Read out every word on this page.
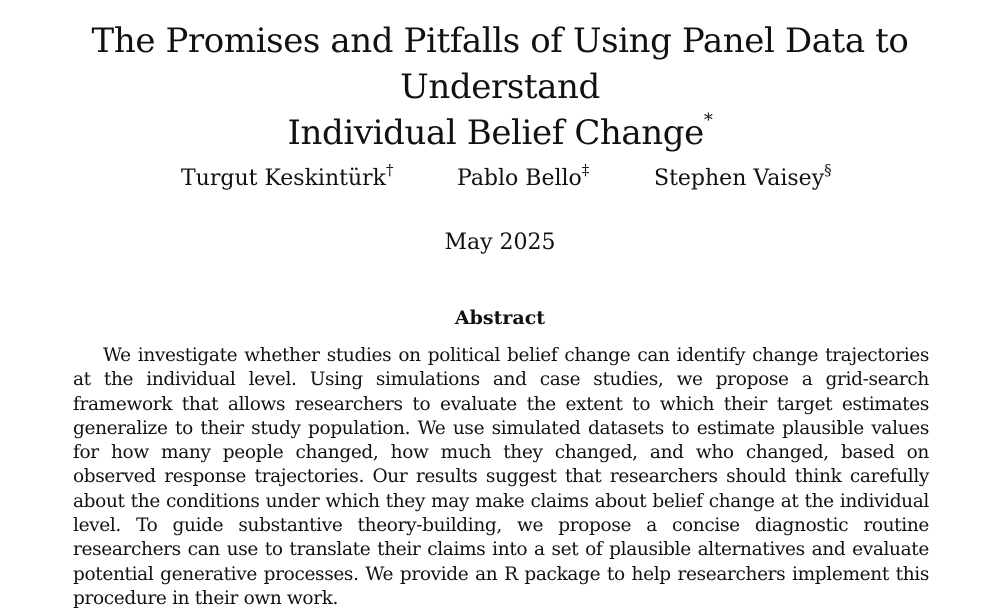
The Promises and Pitfalls of Using Panel Data to Understand
Individual Belief Change*
Turgut Keskintürk†	Pablo Bello‡	Stephen Vaisey§
May 2025
Abstract

We investigate whether studies on political belief change can identify change trajectories at the individual level. Using simulations and case studies, we propose a grid-search framework that allows researchers to evaluate the extent to which their target estimates generalize to their study population. We use simulated datasets to estimate plausible values for how many people changed, how much they changed, and who changed, based on observed response trajectories. Our results suggest that researchers should think carefully about the conditions under which they may make claims about belief change at the individual level. To guide substantive theory-building, we propose a concise diagnostic routine researchers can use to translate their claims into a set of plausible alternatives and evaluate potential generative processes. We provide an R package to help researchers implement this procedure in their own work.
